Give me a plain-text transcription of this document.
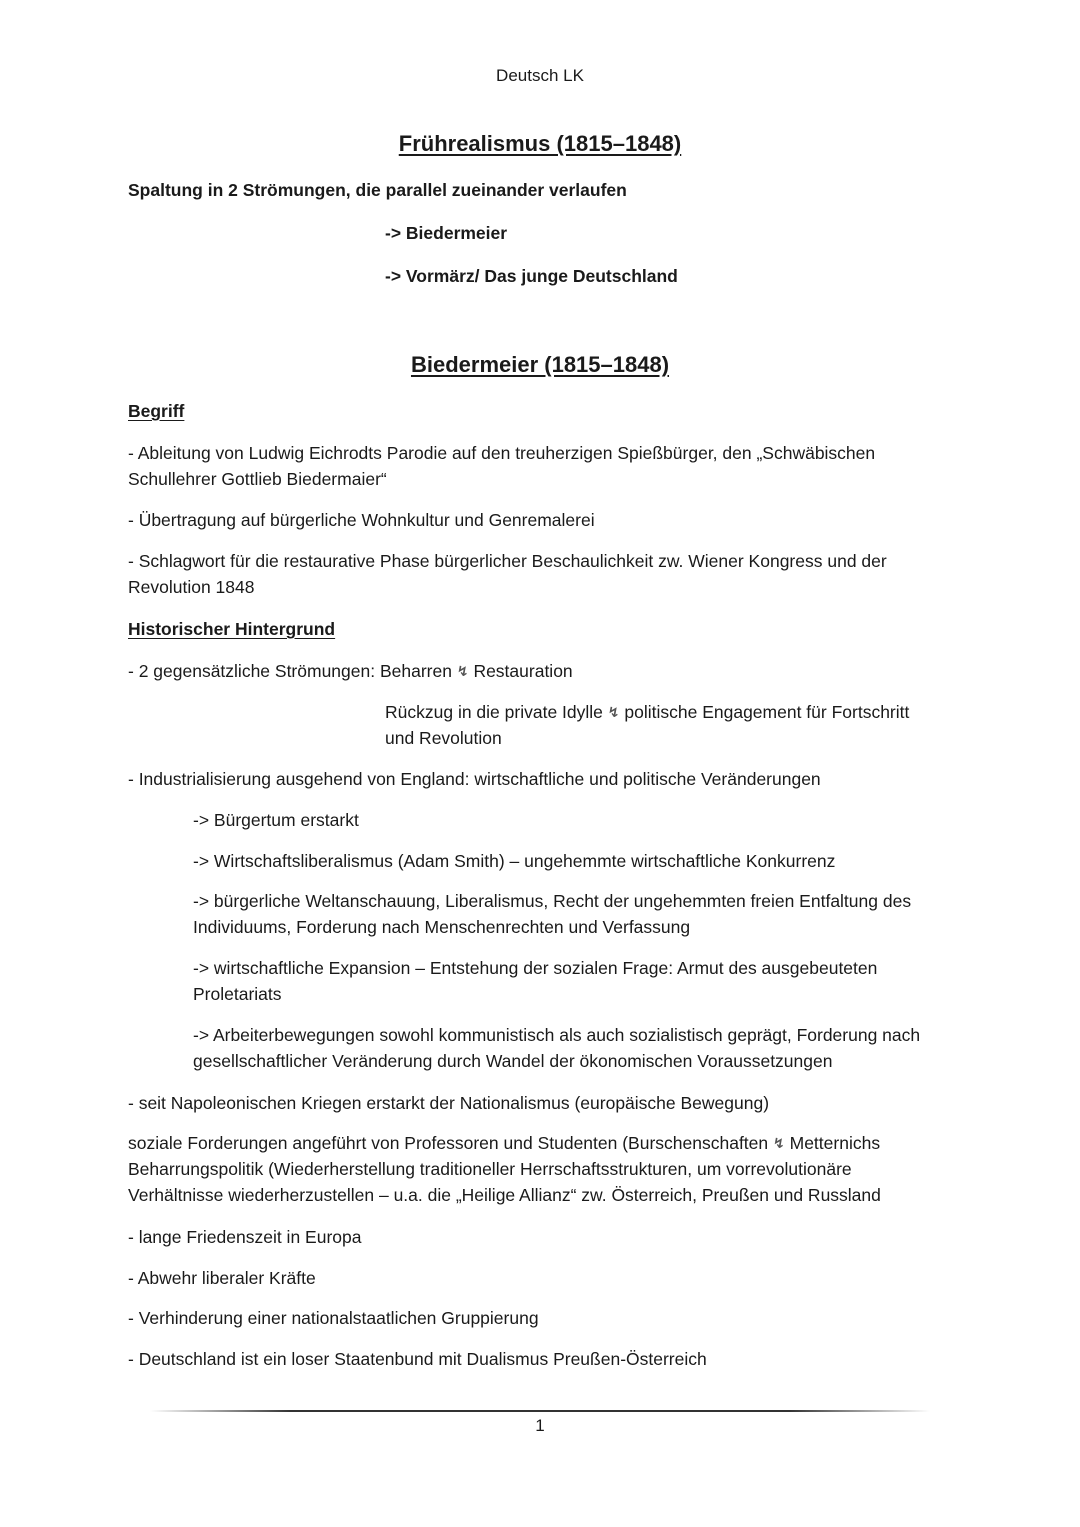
Deutsch LK
Frührealismus (1815–1848)
Spaltung in 2 Strömungen, die parallel zueinander verlaufen
-> Biedermeier
-> Vormärz/ Das junge Deutschland
Biedermeier (1815–1848)
Begriff
- Ableitung von Ludwig Eichrodts Parodie auf den treuherzigen Spießbürger, den „Schwäbischen
Schullehrer Gottlieb Biedermaier“
- Übertragung auf bürgerliche Wohnkultur und Genremalerei
- Schlagwort für die restaurative Phase bürgerlicher Beschaulichkeit zw. Wiener Kongress und der
Revolution 1848
Historischer Hintergrund
- 2 gegensätzliche Strömungen: Beharren ↯ Restauration
Rückzug in die private Idylle ↯ politische Engagement für Fortschritt
und Revolution
- Industrialisierung ausgehend von England: wirtschaftliche und politische Veränderungen
-> Bürgertum erstarkt
-> Wirtschaftsliberalismus (Adam Smith) – ungehemmte wirtschaftliche Konkurrenz
-> bürgerliche Weltanschauung, Liberalismus, Recht der ungehemmten freien Entfaltung des
Individuums, Forderung nach Menschenrechten und Verfassung
-> wirtschaftliche Expansion – Entstehung der sozialen Frage: Armut des ausgebeuteten
Proletariats
-> Arbeiterbewegungen sowohl kommunistisch als auch sozialistisch geprägt, Forderung nach
gesellschaftlicher Veränderung durch Wandel der ökonomischen Voraussetzungen
- seit Napoleonischen Kriegen erstarkt der Nationalismus (europäische Bewegung)
soziale Forderungen angeführt von Professoren und Studenten (Burschenschaften ↯ Metternichs
Beharrungspolitik (Wiederherstellung traditioneller Herrschaftsstrukturen, um vorrevolutionäre
Verhältnisse wiederherzustellen – u.a. die „Heilige Allianz“ zw. Österreich, Preußen und Russland
- lange Friedenszeit in Europa
- Abwehr liberaler Kräfte
- Verhinderung einer nationalstaatlichen Gruppierung
- Deutschland ist ein loser Staatenbund mit Dualismus Preußen-Österreich
1
